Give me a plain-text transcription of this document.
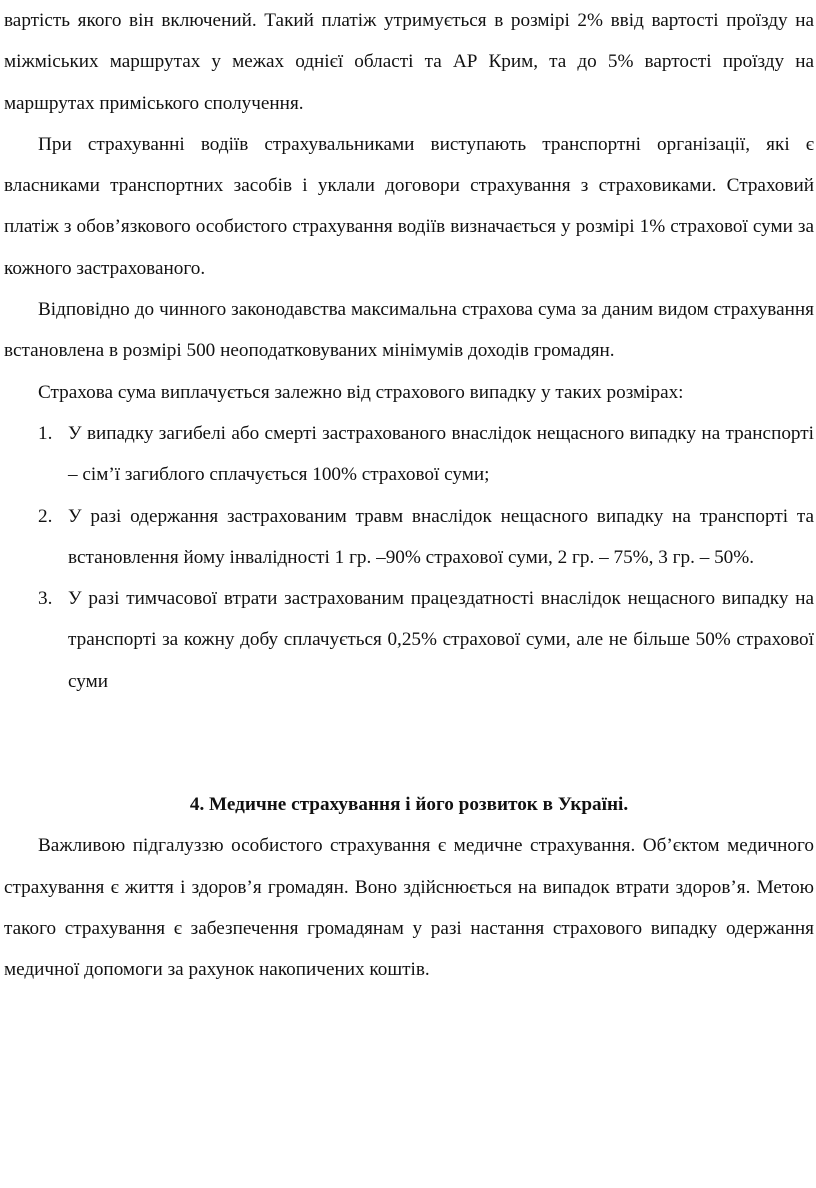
вартість якого він включений. Такий платіж утримується в розмірі 2% ввід вартості проїзду на міжміських маршрутах у межах однієї області та АР Крим, та до 5% вартості проїзду на маршрутах приміського сполучення.

При страхуванні водіїв страхувальниками виступають транспортні організації, які є власниками транспортних засобів і уклали договори страхування з страховиками. Страховий платіж з обов’язкового особистого страхування водіїв визначається у розмірі 1% страхової суми за кожного застрахованого.

Відповідно до чинного законодавства максимальна страхова сума за даним видом страхування встановлена в розмірі 500 неоподатковуваних мінімумів доходів громадян.

Страхова сума виплачується залежно від страхового випадку у таких розмірах:

1. У випадку загибелі або смерті застрахованого внаслідок нещасного випадку на транспорті – сім’ї загиблого сплачується 100% страхової суми;
2. У разі одержання застрахованим травм внаслідок нещасного випадку на транспорті та встановлення йому інвалідності 1 гр. –90% страхової суми, 2 гр. – 75%, 3 гр. – 50%.
3. У разі тимчасової втрати застрахованим працездатності внаслідок нещасного випадку на транспорті за кожну добу сплачується 0,25% страхової суми, але не більше 50% страхової суми

4. Медичне страхування і його розвиток в Україні.

Важливою підгалуззю особистого страхування є медичне страхування. Об’єктом медичного страхування є життя і здоров’я громадян. Воно здійснюється на випадок втрати здоров’я. Метою такого страхування є забезпечення громадянам у разі настання страхового випадку одержання медичної допомоги за рахунок накопичених коштів.
